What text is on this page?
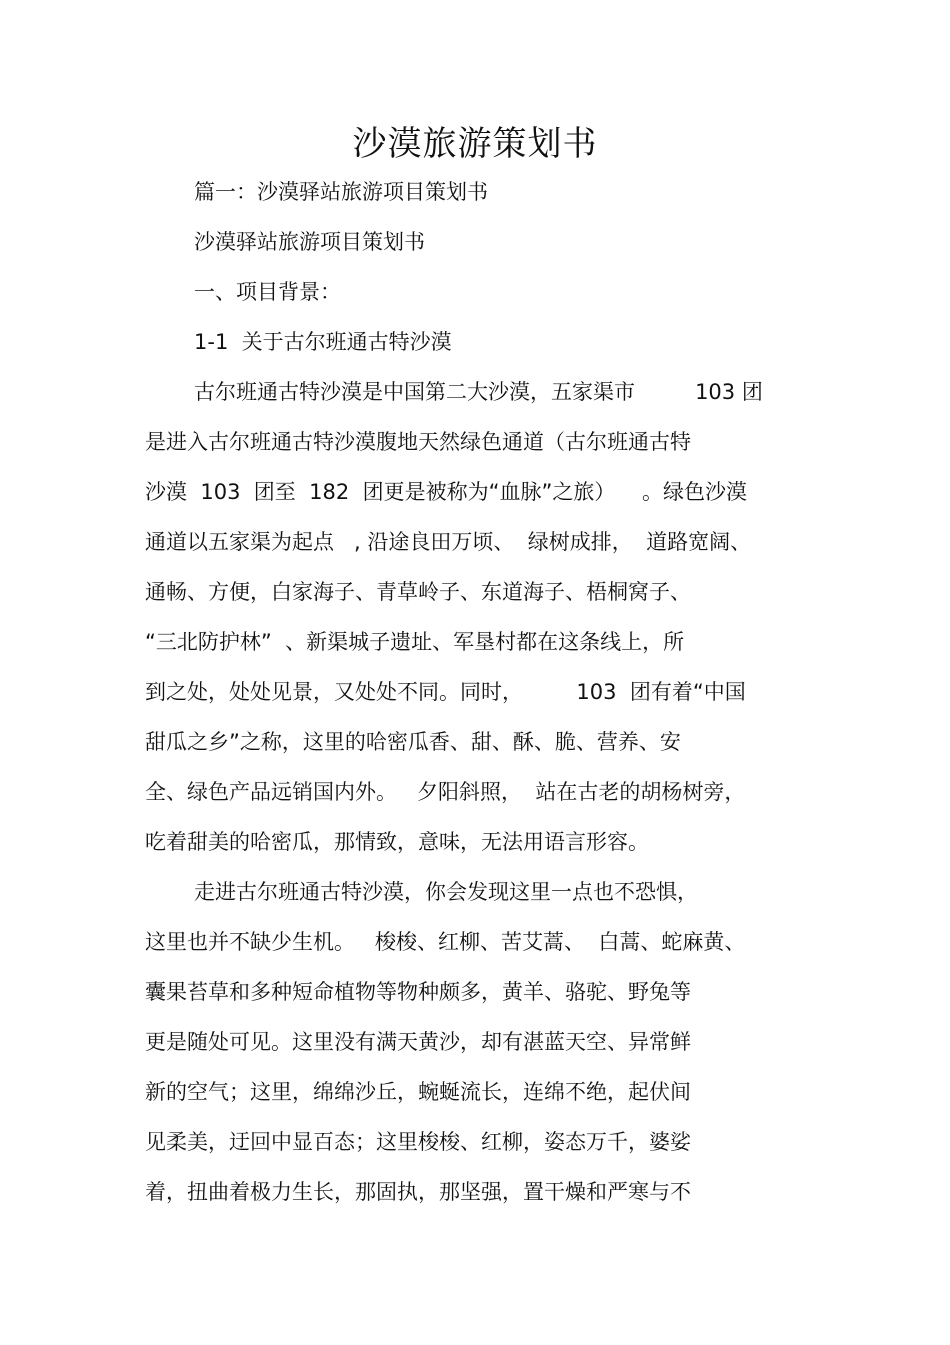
沙漠旅游策划书
篇一：沙漠驿站旅游项目策划书
沙漠驿站旅游项目策划书
一、项目背景：
1-1  关于古尔班通古特沙漠
古尔班通古特沙漠是中国第二大沙漠，五家渠市         103 团
是进入古尔班通古特沙漠腹地天然绿色通道（古尔班通古特
沙漠  103  团至  182  团更是被称为“血脉”之旅）    。绿色沙漠
通道以五家渠为起点   , 沿途良田万顷、  绿树成排，  道路宽阔、
通畅、方便，白家海子、青草岭子、东道海子、梧桐窝子、
“三北防护林”  、新渠城子遗址、军垦村都在这条线上，所
到之处，处处见景，又处处不同。同时，        103  团有着“中国
甜瓜之乡”之称，这里的哈密瓜香、甜、酥、脆、营养、安
全、绿色产品远销国内外。   夕阳斜照，  站在古老的胡杨树旁，
吃着甜美的哈密瓜，那情致，意味，无法用语言形容。
走进古尔班通古特沙漠，你会发现这里一点也不恐惧，
这里也并不缺少生机。   梭梭、红柳、苦艾蒿、  白蒿、蛇麻黄、
囊果苔草和多种短命植物等物种颇多，黄羊、骆驼、野兔等
更是随处可见。这里没有满天黄沙，却有湛蓝天空、异常鲜
新的空气；这里，绵绵沙丘，蜿蜒流长，连绵不绝，起伏间
见柔美，迂回中显百态；这里梭梭、红柳，姿态万千，婆娑
着，扭曲着极力生长，那固执，那坚强，置干燥和严寒与不
